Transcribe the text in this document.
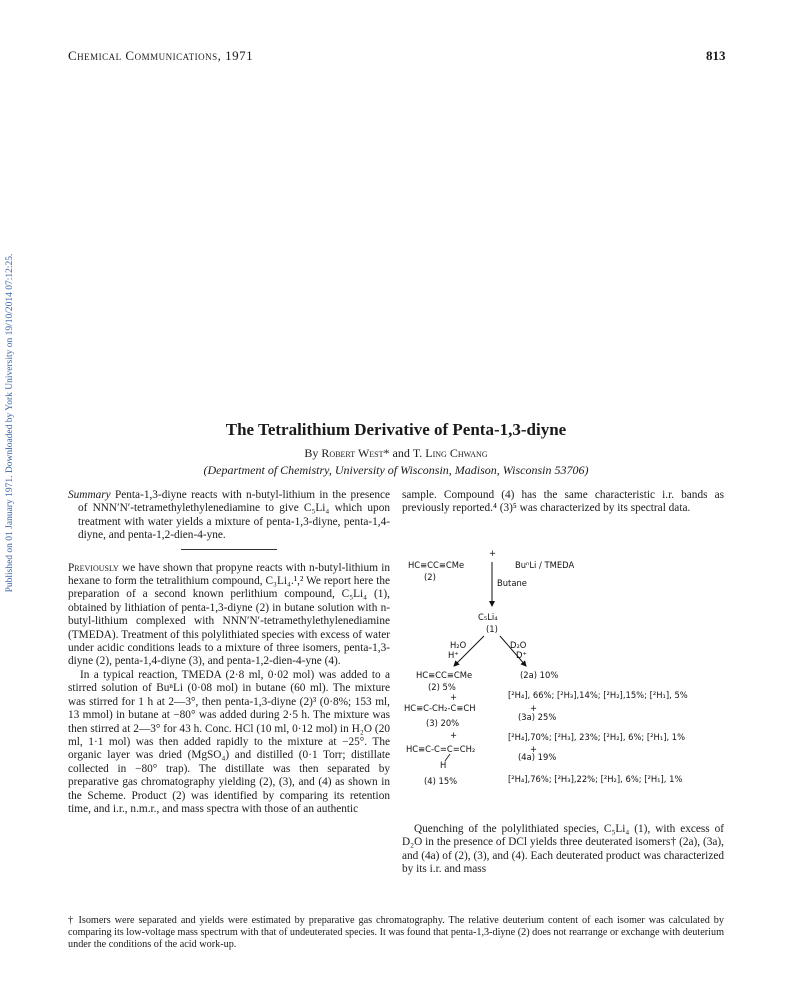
Published on 01 January 1971. Downloaded by York University on 19/10/2014 07:12:25.
Chemical Communications, 1971	813
The Tetralithium Derivative of Penta-1,3-diyne
By Robert West* and T. Ling Chwang
(Department of Chemistry, University of Wisconsin, Madison, Wisconsin 53706)

Summary Penta-1,3-diyne reacts with n-butyl-lithium in the presence of NNN′N′-tetramethylethylenediamine to give C₅Li₄ which upon treatment with water yields a mixture of penta-1,3-diyne, penta-1,4-diyne, and penta-1,2-dien-4-yne.

Previously we have shown that propyne reacts with n-butyl-lithium in hexane to form the tetralithium compound, C₃Li₄.¹,² We report here the preparation of a second known perlithium compound, C₅Li₄ (1), obtained by lithiation of penta-1,3-diyne (2) in butane solution with n-butyl-lithium complexed with NNN′N′-tetramethylethylenediamine (TMEDA). Treatment of this polylithiated species with excess of water under acidic conditions leads to a mixture of three isomers, penta-1,3-diyne (2), penta-1,4-diyne (3), and penta-1,2-dien-4-yne (4).

In a typical reaction, TMEDA (2·8 ml, 0·02 mol) was added to a stirred solution of BuⁿLi (0·08 mol) in butane (60 ml). The mixture was stirred for 1 h at 2—3°, then penta-1,3-diyne (2)³ (0·8%; 153 ml, 13 mmol) in butane at −80° was added during 2·5 h. The mixture was then stirred at 2—3° for 43 h. Conc. HCl (10 ml, 0·12 mol) in H₂O (20 ml, 1·1 mol) was then added rapidly to the mixture at −25°. The organic layer was dried (MgSO₄) and distilled (0·1 Torr; distillate collected in −80° trap). The distillate was then separated by preparative gas chromatography yielding (2), (3), and (4) as shown in the Scheme. Product (2) was identified by comparing its retention time, and i.r., n.m.r., and mass spectra with those of an authentic

sample. Compound (4) has the same characteristic i.r. bands as previously reported.⁴ (3)⁵ was characterized by its spectral data.
+
HC≡CC≡CMe	BuⁿLi / TMEDA
(2)
Butane
C₅Li₄
(1)
H₂O
H⁺
D₂O
D⁺
HC≡CC≡CMe
(2) 5%
+
HC≡C-CH₂-C≡CH
(3) 20%
+
HC≡C-C=C=CH₂
H
(4) 15%
(2a) 10%
[²H₄], 66%; [²H₃],14%; [²H₂],15%; [²H₁], 5%
+
(3a) 25%
[²H₄],70%; [²H₃], 23%; [²H₂], 6%; [²H₁], 1%
+
(4a) 19%
[²H₄],76%; [²H₃],22%; [²H₂], 6%; [²H₁], 1%

Quenching of the polylithiated species, C₅Li₄ (1), with excess of D₂O in the presence of DCl yields three deuterated isomers† (2a), (3a), and (4a) of (2), (3), and (4). Each deuterated product was characterized by its i.r. and mass

† Isomers were separated and yields were estimated by preparative gas chromatography. The relative deuterium content of each isomer was calculated by comparing its low-voltage mass spectrum with that of undeuterated species. It was found that penta-1,3-diyne (2) does not rearrange or exchange with deuterium under the conditions of the acid work-up.
